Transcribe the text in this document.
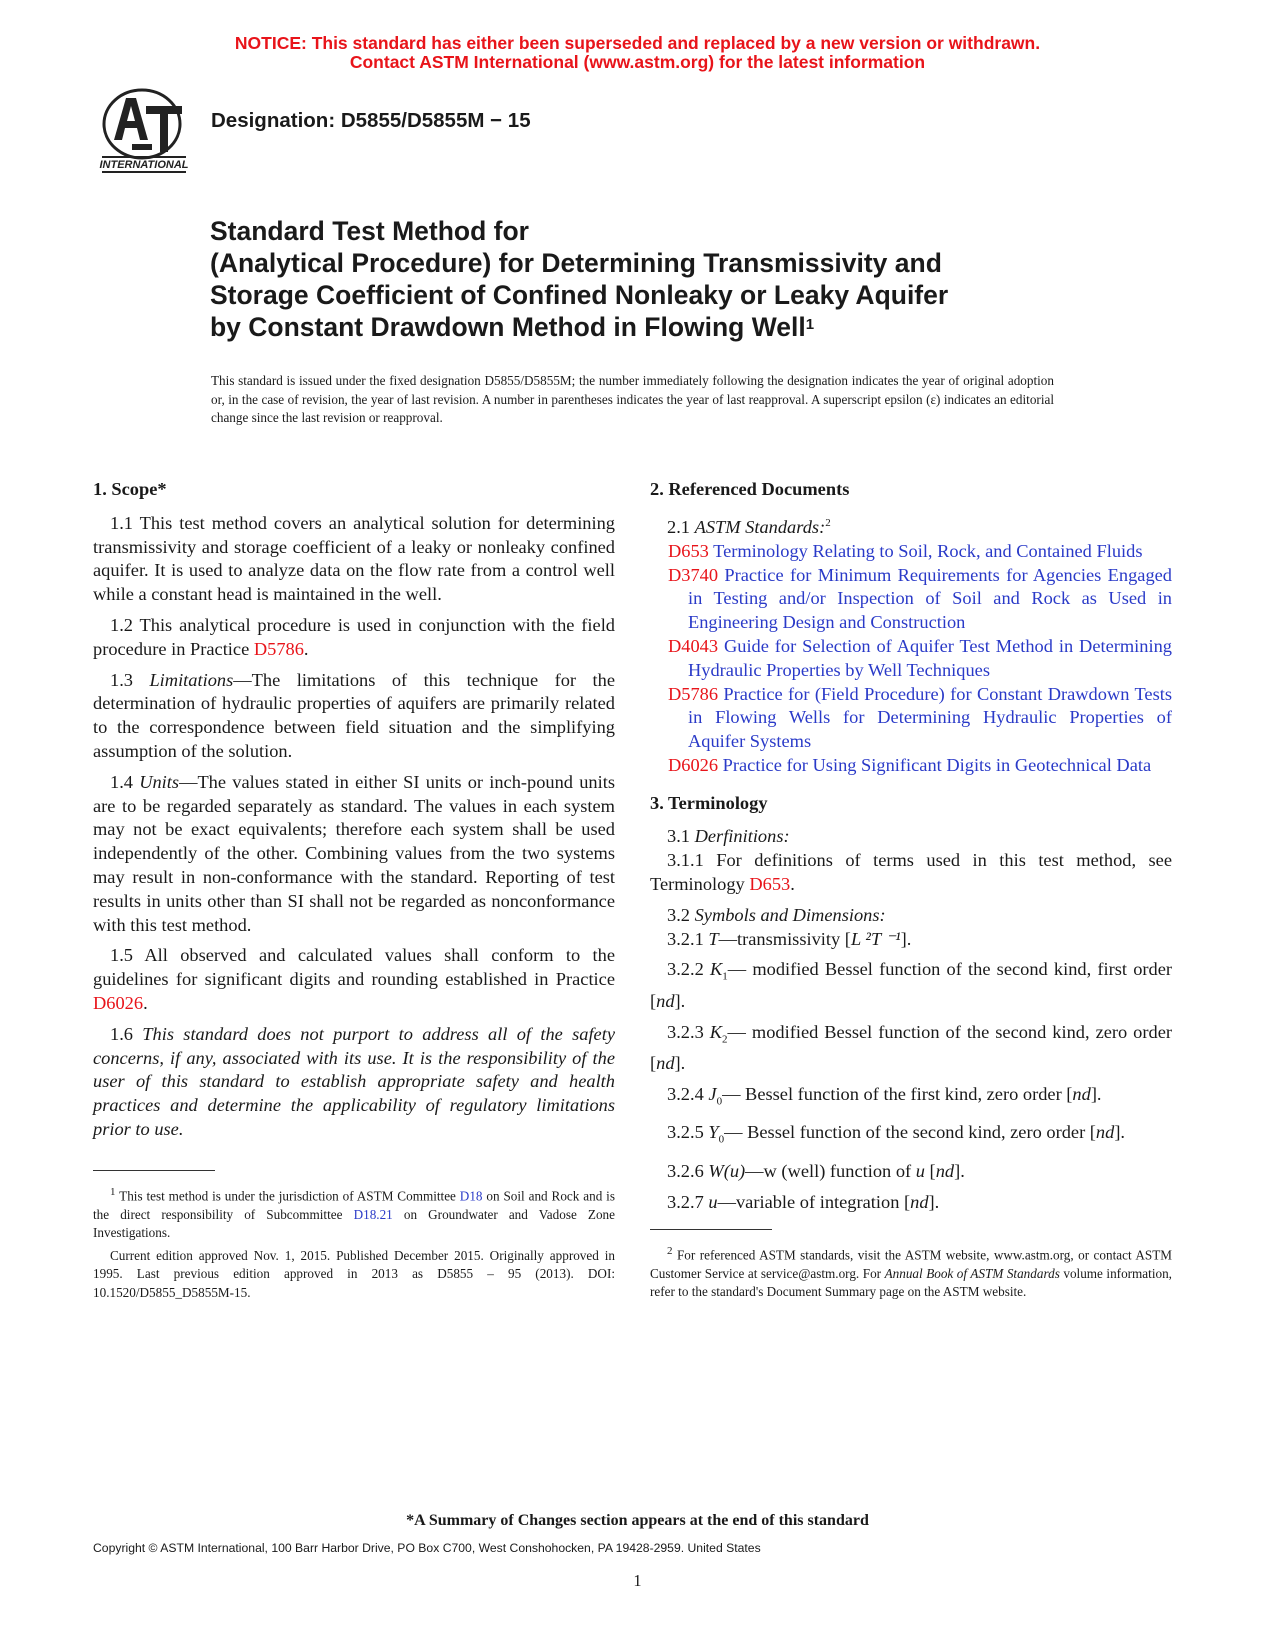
NOTICE: This standard has either been superseded and replaced by a new version or withdrawn.
Contact ASTM International (www.astm.org) for the latest information
INTERNATIONAL
Designation: D5855/D5855M − 15
Standard Test Method for
(Analytical Procedure) for Determining Transmissivity and
Storage Coefficient of Confined Nonleaky or Leaky Aquifer
by Constant Drawdown Method in Flowing Well$^1$
This standard is issued under the fixed designation D5855/D5855M; the number immediately following the designation indicates the year of original adoption or, in the case of revision, the year of last revision. A number in parentheses indicates the year of last reapproval. A superscript epsilon (ε) indicates an editorial change since the last revision or reapproval.
1. Scope*

1.1 This test method covers an analytical solution for determining transmissivity and storage coefficient of a leaky or nonleaky confined aquifer. It is used to analyze data on the flow rate from a control well while a constant head is maintained in the well.

1.2 This analytical procedure is used in conjunction with the field procedure in Practice D5786.

1.3 Limitations—The limitations of this technique for the determination of hydraulic properties of aquifers are primarily related to the correspondence between field situation and the simplifying assumption of the solution.

1.4 Units—The values stated in either SI units or inch-pound units are to be regarded separately as standard. The values in each system may not be exact equivalents; therefore each system shall be used independently of the other. Combining values from the two systems may result in non-conformance with the standard. Reporting of test results in units other than SI shall not be regarded as nonconformance with this test method.

1.5 All observed and calculated values shall conform to the guidelines for significant digits and rounding established in Practice D6026.

1.6 This standard does not purport to address all of the safety concerns, if any, associated with its use. It is the responsibility of the user of this standard to establish appropriate safety and health practices and determine the applicability of regulatory limitations prior to use.

$^1$ This test method is under the jurisdiction of ASTM Committee D18 on Soil and Rock and is the direct responsibility of Subcommittee D18.21 on Groundwater and Vadose Zone Investigations.

Current edition approved Nov. 1, 2015. Published December 2015. Originally approved in 1995. Last previous edition approved in 2013 as D5855 – 95 (2013). DOI: 10.1520/D5855_D5855M-15.

2. Referenced Documents

2.1 ASTM Standards:$^2$

D653 Terminology Relating to Soil, Rock, and Contained Fluids

D3740 Practice for Minimum Requirements for Agencies Engaged in Testing and/or Inspection of Soil and Rock as Used in Engineering Design and Construction

D4043 Guide for Selection of Aquifer Test Method in Determining Hydraulic Properties by Well Techniques

D5786 Practice for (Field Procedure) for Constant Drawdown Tests in Flowing Wells for Determining Hydraulic Properties of Aquifer Systems

D6026 Practice for Using Significant Digits in Geotechnical Data

3. Terminology

3.1 Derfinitions:

3.1.1 For definitions of terms used in this test method, see Terminology D653.

3.2 Symbols and Dimensions:

3.2.1 T—transmissivity [L ²T ⁻¹].

3.2.2 $K_1—$ modified Bessel function of the second kind, first order [nd].

3.2.3 $K_2—$ modified Bessel function of the second kind, zero order [nd].

3.2.4 $J_0—$ Bessel function of the first kind, zero order [nd].

3.2.5 $Y_0—$ Bessel function of the second kind, zero order [nd].

3.2.6 W(u)—w (well) function of u [nd].

3.2.7 u—variable of integration [nd].

$^2$ For referenced ASTM standards, visit the ASTM website, www.astm.org, or contact ASTM Customer Service at service@astm.org. For Annual Book of ASTM Standards volume information, refer to the standard's Document Summary page on the ASTM website.

*A Summary of Changes section appears at the end of this standard
Copyright © ASTM International, 100 Barr Harbor Drive, PO Box C700, West Conshohocken, PA 19428-2959. United States
1
